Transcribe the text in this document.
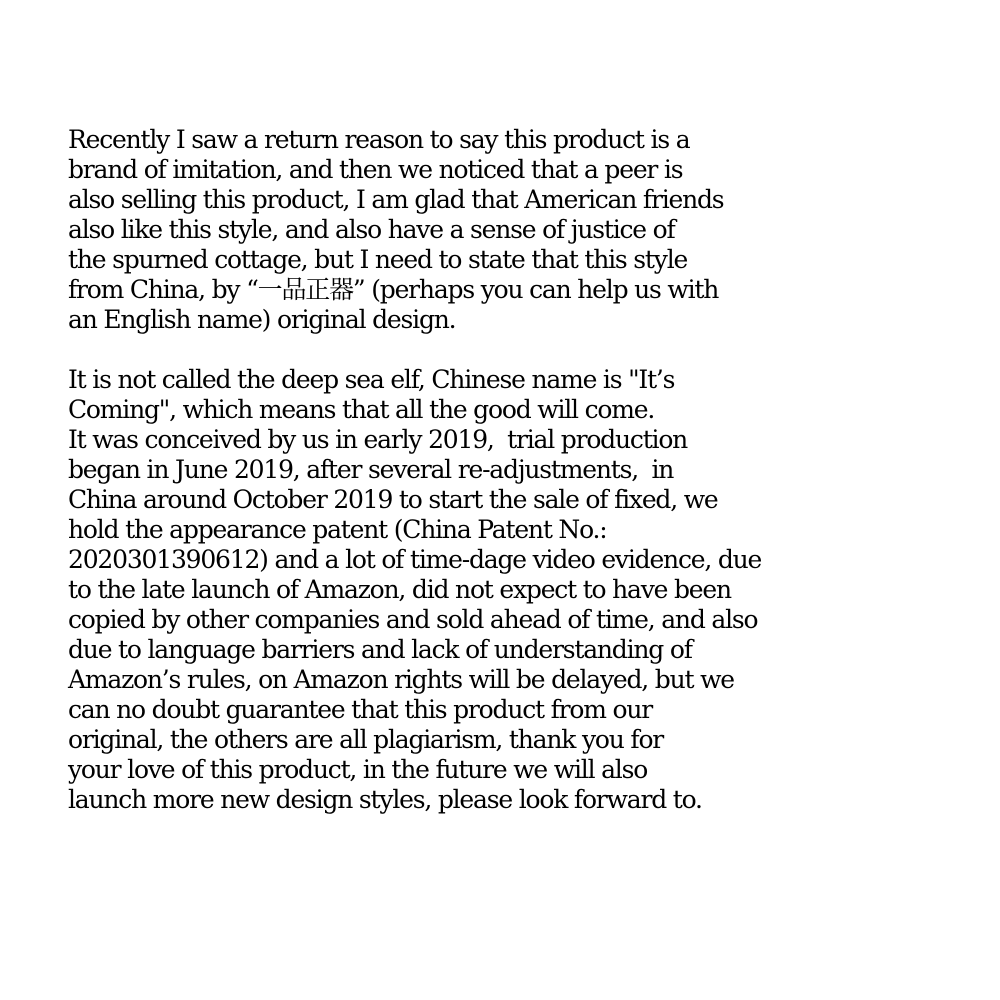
Recently I saw a return reason to say this product is a
brand of imitation, and then we noticed that a peer is
also selling this product, I am glad that American friends
also like this style, and also have a sense of justice of
the spurned cottage, but I need to state that this style
from China, by “一品正器” (perhaps you can help us with
an English name) original design.
It is not called the deep sea elf, Chinese name is "It’s
Coming", which means that all the good will come.
It was conceived by us in early 2019,  trial production
began in June 2019, after several re-adjustments,  in
China around October 2019 to start the sale of fixed, we
hold the appearance patent (China Patent No.:
2020301390612) and a lot of time-dage video evidence, due
to the late launch of Amazon, did not expect to have been
copied by other companies and sold ahead of time, and also
due to language barriers and lack of understanding of
Amazon’s rules, on Amazon rights will be delayed, but we
can no doubt guarantee that this product from our
original, the others are all plagiarism, thank you for
your love of this product, in the future we will also
launch more new design styles, please look forward to.
